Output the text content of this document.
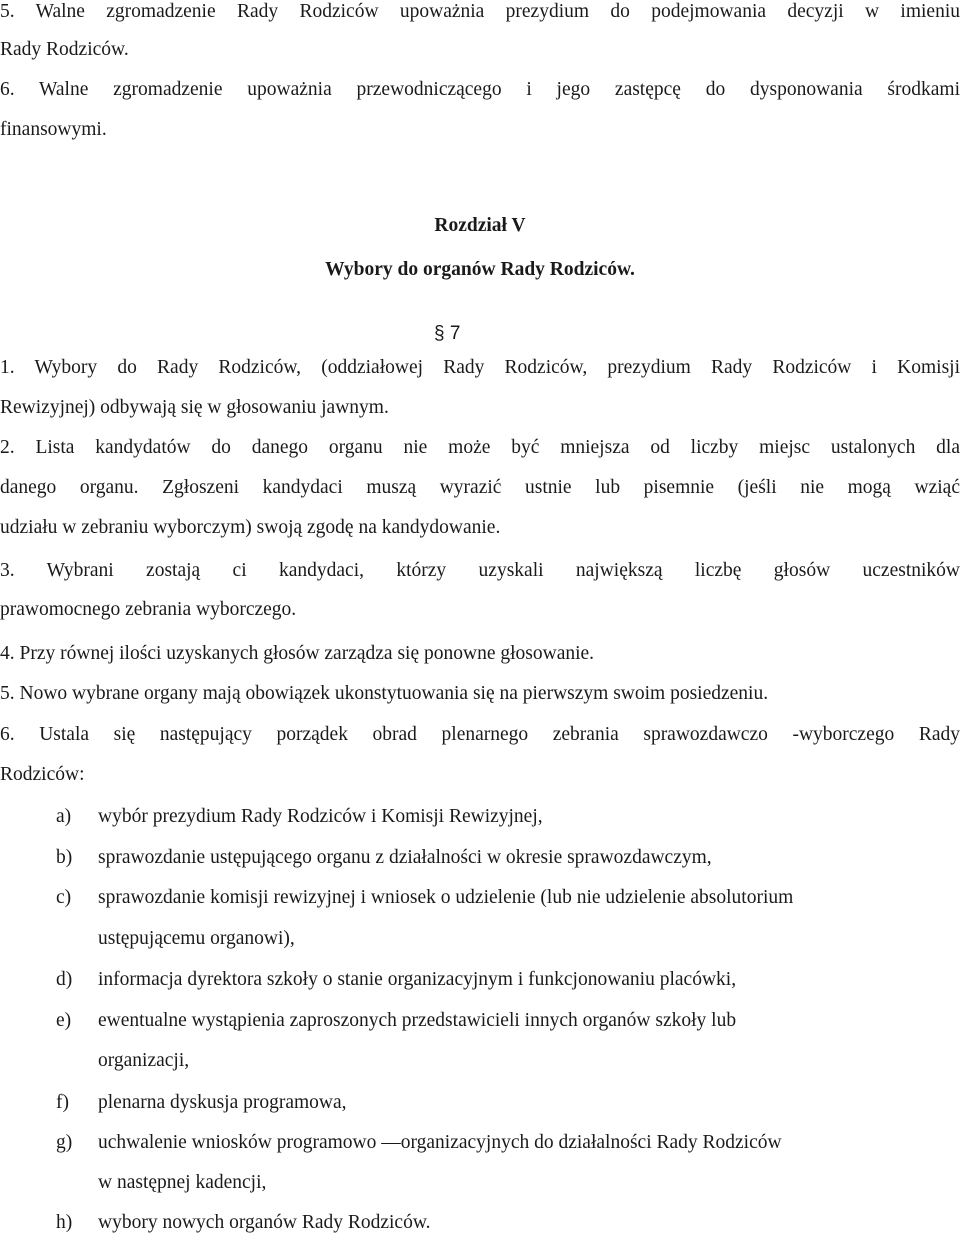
5. Walne zgromadzenie Rady Rodziców upoważnia prezydium do podejmowania decyzji w imieniu
Rady Rodziców.
6. Walne zgromadzenie upoważnia przewodniczącego i jego zastępcę do dysponowania środkami
finansowymi.
Rozdział V
Wybory do organów Rady Rodziców.
§ 7
1. Wybory do Rady Rodziców, (oddziałowej Rady Rodziców, prezydium Rady Rodziców i Komisji
Rewizyjnej) odbywają się w głosowaniu jawnym.
2. Lista kandydatów do danego organu nie może być mniejsza od liczby miejsc ustalonych dla
danego organu. Zgłoszeni kandydaci muszą wyrazić ustnie lub pisemnie (jeśli nie mogą wziąć
udziału w zebraniu wyborczym) swoją zgodę na kandydowanie.
3. Wybrani zostają ci kandydaci, którzy uzyskali największą liczbę głosów uczestników
prawomocnego zebrania wyborczego.
4. Przy równej ilości uzyskanych głosów zarządza się ponowne głosowanie.
5. Nowo wybrane organy mają obowiązek ukonstytuowania się na pierwszym swoim posiedzeniu.
6. Ustala się następujący porządek obrad plenarnego zebrania sprawozdawczo -wyborczego Rady
Rodziców:
a) wybór prezydium Rady Rodziców i Komisji Rewizyjnej,
b) sprawozdanie ustępującego organu z działalności w okresie sprawozdawczym,
c) sprawozdanie komisji rewizyjnej i wniosek o udzielenie (lub nie udzielenie absolutorium
ustępującemu organowi),
d) informacja dyrektora szkoły o stanie organizacyjnym i funkcjonowaniu placówki,
e) ewentualne wystąpienia zaproszonych przedstawicieli innych organów szkoły lub
organizacji,
f) plenarna dyskusja programowa,
g) uchwalenie wniosków programowo —organizacyjnych do działalności Rady Rodziców
w następnej kadencji,
h) wybory nowych organów Rady Rodziców.
